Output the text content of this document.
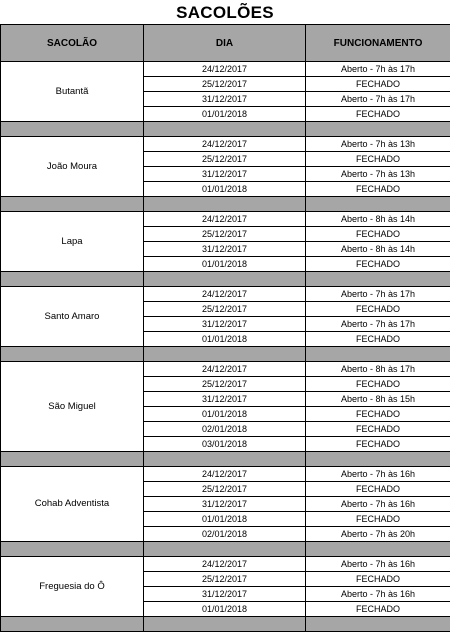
SACOLÕES
SACOLÃO	DIA	FUNCIONAMENTO
Butantã	24/12/2017	Aberto - 7h às 17h
	25/12/2017	FECHADO
	31/12/2017	Aberto - 7h às 17h
	01/01/2018	FECHADO

João Moura	24/12/2017	Aberto - 7h às 13h
	25/12/2017	FECHADO
	31/12/2017	Aberto - 7h às 13h
	01/01/2018	FECHADO

Lapa	24/12/2017	Aberto - 8h às 14h
	25/12/2017	FECHADO
	31/12/2017	Aberto - 8h às 14h
	01/01/2018	FECHADO

Santo Amaro	24/12/2017	Aberto - 7h às 17h
	25/12/2017	FECHADO
	31/12/2017	Aberto - 7h às 17h
	01/01/2018	FECHADO

São Miguel	24/12/2017	Aberto - 8h às 17h
	25/12/2017	FECHADO
	31/12/2017	Aberto - 8h às 15h
	01/01/2018	FECHADO
	02/01/2018	FECHADO
	03/01/2018	FECHADO

Cohab Adventista	24/12/2017	Aberto - 7h às 16h
	25/12/2017	FECHADO
	31/12/2017	Aberto - 7h às 16h
	01/01/2018	FECHADO
	02/01/2018	Aberto - 7h às 20h

Freguesia do Ô	24/12/2017	Aberto - 7h às 16h
	25/12/2017	FECHADO
	31/12/2017	Aberto - 7h às 16h
	01/01/2018	FECHADO
